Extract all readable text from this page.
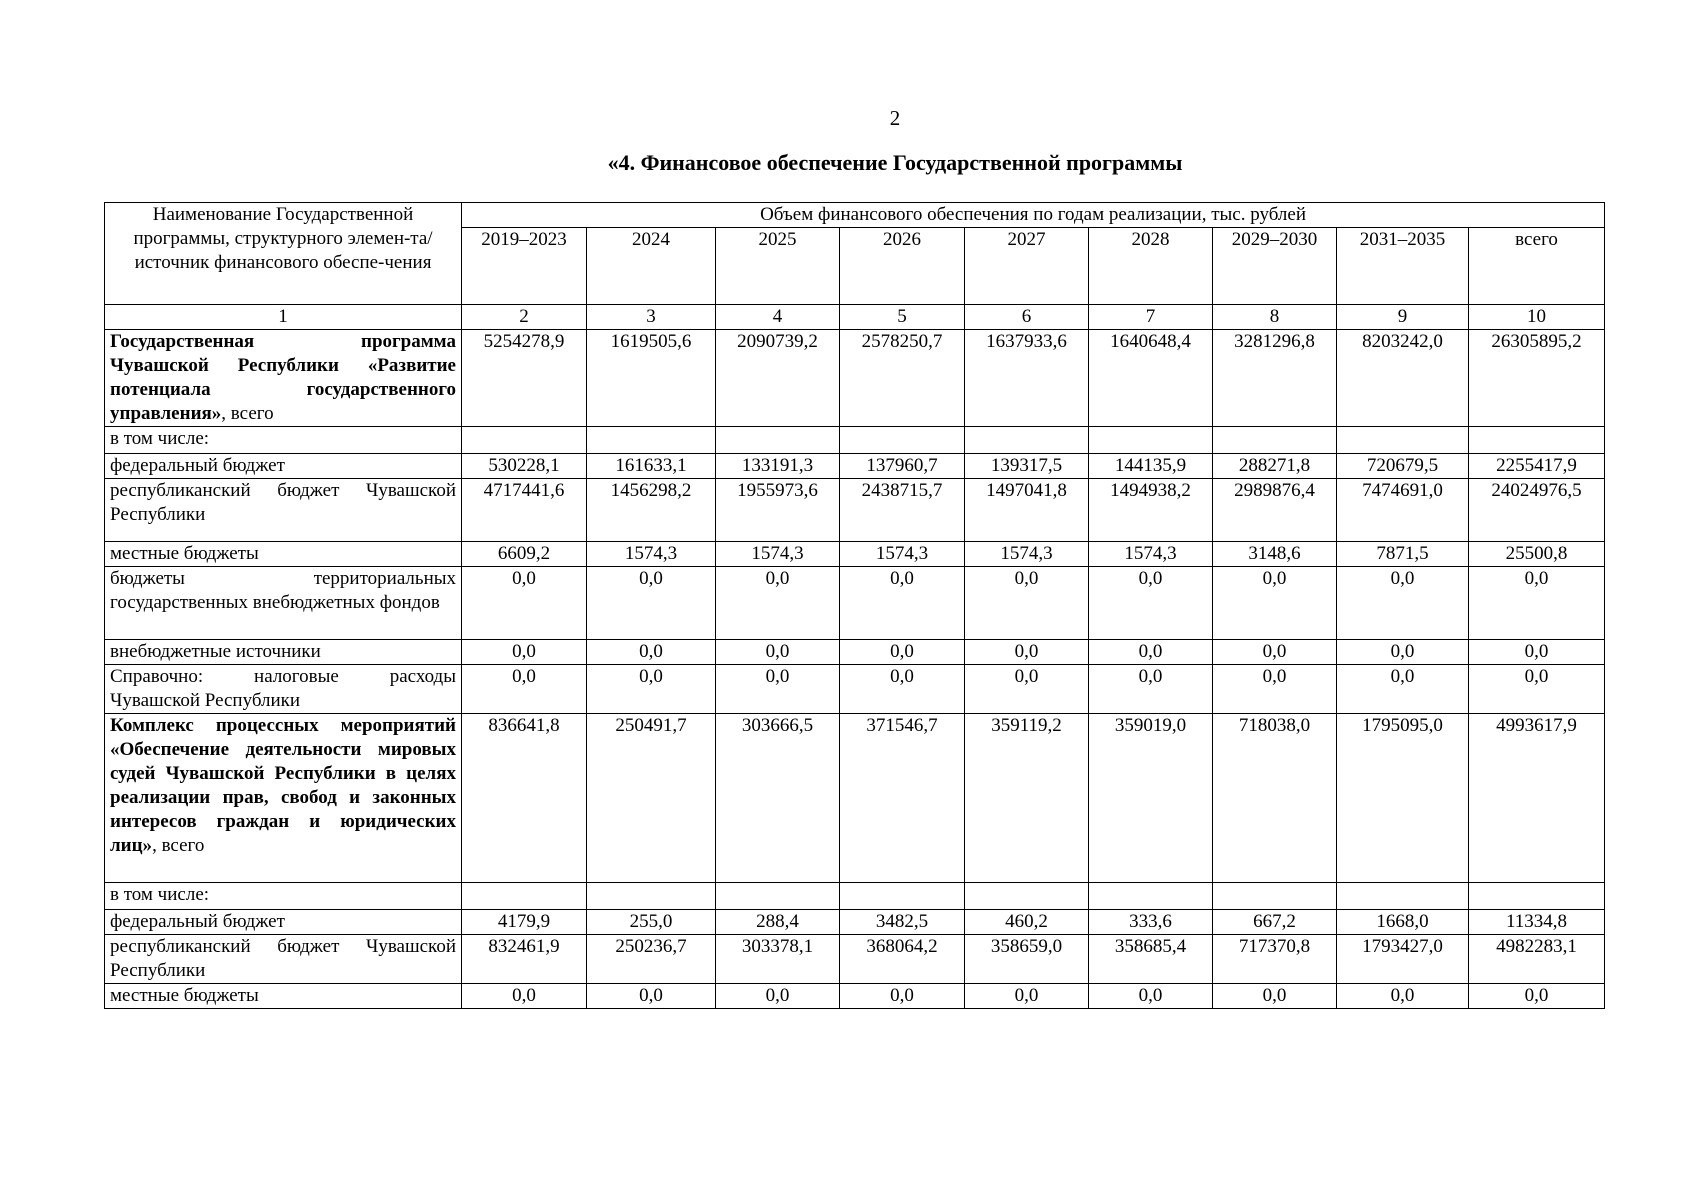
2
«4. Финансовое обеспечение Государственной программы
Наименование Государственной программы, структурного элемен-та/источник финансового обеспе-чения	Объем финансового обеспечения по годам реализации, тыс. рублей								
	2019–2023	2024	2025	2026	2027	2028	2029–2030	2031–2035	всего
1	2	3	4	5	6	7	8	9	10
Государственная программа Чувашской Республики «Развитие потенциала государственного управления», всего	5254278,9	1619505,6	2090739,2	2578250,7	1637933,6	1640648,4	3281296,8	8203242,0	26305895,2
в том числе:									
федеральный бюджет	530228,1	161633,1	133191,3	137960,7	139317,5	144135,9	288271,8	720679,5	2255417,9
республиканский бюджет Чувашской Республики	4717441,6	1456298,2	1955973,6	2438715,7	1497041,8	1494938,2	2989876,4	7474691,0	24024976,5
местные бюджеты	6609,2	1574,3	1574,3	1574,3	1574,3	1574,3	3148,6	7871,5	25500,8
бюджеты территориальных государственных внебюджетных фондов	0,0	0,0	0,0	0,0	0,0	0,0	0,0	0,0	0,0
внебюджетные источники	0,0	0,0	0,0	0,0	0,0	0,0	0,0	0,0	0,0
Справочно: налоговые расходы Чувашской Республики	0,0	0,0	0,0	0,0	0,0	0,0	0,0	0,0	0,0
Комплекс процессных мероприятий «Обеспечение деятельности мировых судей Чувашской Республики в целях реализации прав, свобод и законных интересов граждан и юридических лиц», всего	836641,8	250491,7	303666,5	371546,7	359119,2	359019,0	718038,0	1795095,0	4993617,9
в том числе:									
федеральный бюджет	4179,9	255,0	288,4	3482,5	460,2	333,6	667,2	1668,0	11334,8
республиканский бюджет Чувашской Республики	832461,9	250236,7	303378,1	368064,2	358659,0	358685,4	717370,8	1793427,0	4982283,1
местные бюджеты	0,0	0,0	0,0	0,0	0,0	0,0	0,0	0,0	0,0
